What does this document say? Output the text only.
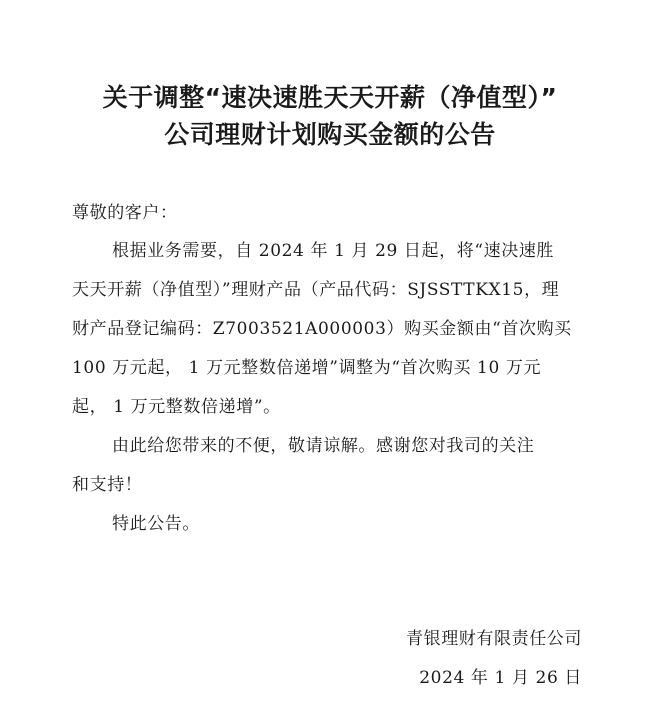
关于调整“速决速胜天天开薪（净值型）”
公司理财计划购买金额的公告
尊敬的客户：
根据业务需要，自 2024 年 1 月 29 日起，将“速决速胜
天天开薪（净值型）”理财产品（产品代码：SJSSTTKX15，理
财产品登记编码：Z7003521A000003）购买金额由“首次购买
100 万元起， 1 万元整数倍递增”调整为“首次购买 10 万元
起， 1 万元整数倍递增”。
由此给您带来的不便，敬请谅解。感谢您对我司的关注
和支持！
特此公告。
青银理财有限责任公司
2024 年 1 月 26 日
